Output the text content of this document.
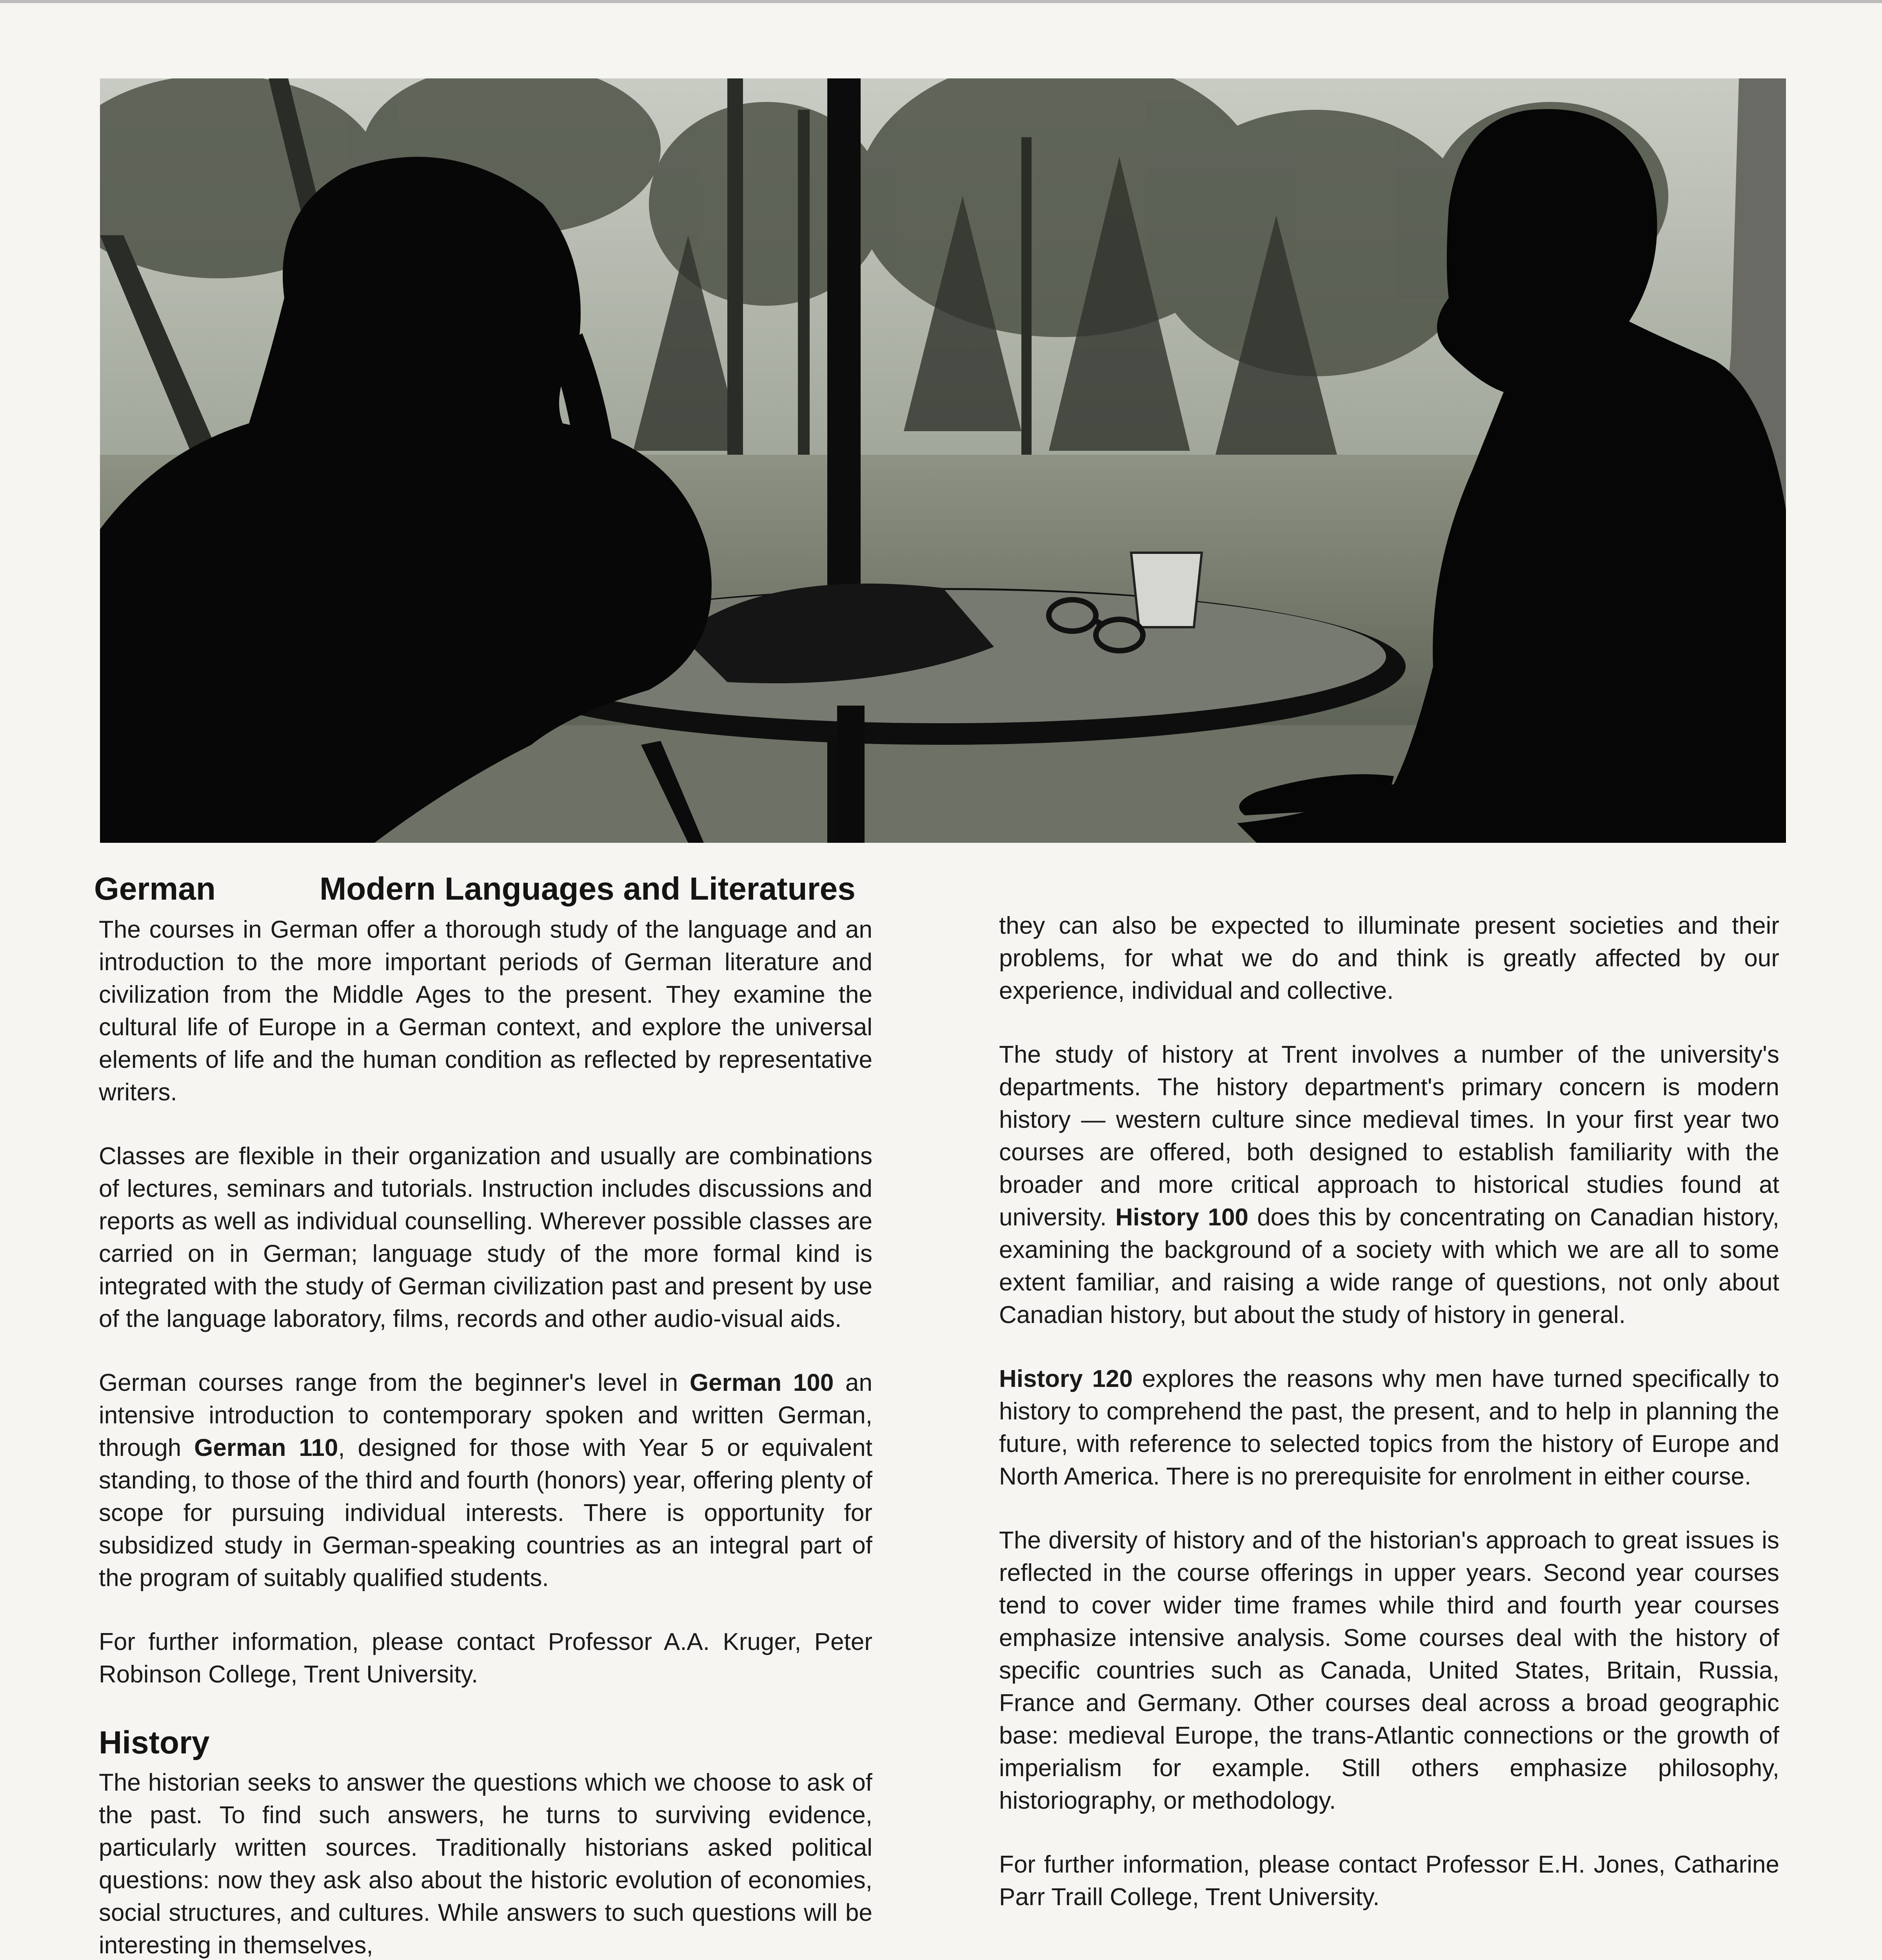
German	Modern Languages and Literatures

The courses in German offer a thorough study of the language and an introduction to the more important periods of German literature and civilization from the Middle Ages to the present. They examine the cultural life of Europe in a German context, and explore the universal elements of life and the human condition as reflected by representative writers.

Classes are flexible in their organization and usually are combinations of lectures, seminars and tutorials. Instruction includes discussions and reports as well as individual counselling. Wherever possible classes are carried on in German; language study of the more formal kind is integrated with the study of German civilization past and present by use of the language laboratory, films, records and other audio-visual aids.

German courses range from the beginner's level in German 100 an intensive introduction to contemporary spoken and written German, through German 110, designed for those with Year 5 or equivalent standing, to those of the third and fourth (honors) year, offering plenty of scope for pursuing individual interests. There is opportunity for subsidized study in German-speaking countries as an integral part of the program of suitably qualified students.

For further information, please contact Professor A.A. Kruger, Peter Robinson College, Trent University.

History

The historian seeks to answer the questions which we choose to ask of the past. To find such answers, he turns to surviving evidence, particularly written sources. Traditionally historians asked political questions: now they ask also about the historic evolution of economies, social structures, and cultures. While answers to such questions will be interesting in themselves,

they can also be expected to illuminate present societies and their problems, for what we do and think is greatly affected by our experience, individual and collective.

The study of history at Trent involves a number of the university's departments. The history department's primary concern is modern history — western culture since medieval times. In your first year two courses are offered, both designed to establish familiarity with the broader and more critical approach to historical studies found at university. History 100 does this by concentrating on Canadian history, examining the background of a society with which we are all to some extent familiar, and raising a wide range of questions, not only about Canadian history, but about the study of history in general.

History 120 explores the reasons why men have turned specifically to history to comprehend the past, the present, and to help in planning the future, with reference to selected topics from the history of Europe and North America. There is no prerequisite for enrolment in either course.

The diversity of history and of the historian's approach to great issues is reflected in the course offerings in upper years. Second year courses tend to cover wider time frames while third and fourth year courses emphasize intensive analysis. Some courses deal with the history of specific countries such as Canada, United States, Britain, Russia, France and Germany. Other courses deal across a broad geographic base: medieval Europe, the trans-Atlantic connections or the growth of imperialism for example. Still others emphasize philosophy, historiography, or methodology.

For further information, please contact Professor E.H. Jones, Catharine Parr Traill College, Trent University.
